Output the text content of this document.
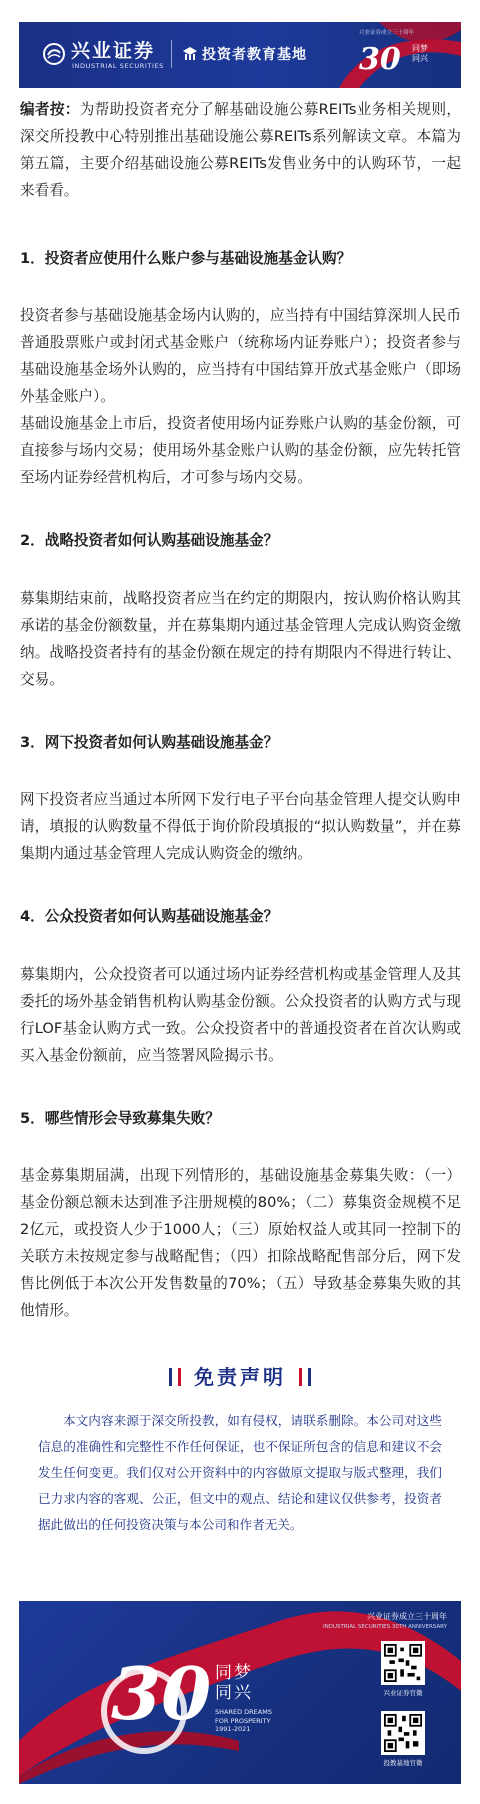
兴业证券
INDUSTRIAL SECURITIES
投资者教育基地
兴业证券成立三十周年
30 同梦
同兴
编者按：为帮助投资者充分了解基础设施公募REITs业务相关规则，深交所投教中心特别推出基础设施公募REITs系列解读文章。本篇为第五篇，主要介绍基础设施公募REITs发售业务中的认购环节，一起来看看。
1．投资者应使用什么账户参与基础设施基金认购？
投资者参与基础设施基金场内认购的，应当持有中国结算深圳人民币普通股票账户或封闭式基金账户（统称场内证券账户）；投资者参与基础设施基金场外认购的，应当持有中国结算开放式基金账户（即场外基金账户）。
基础设施基金上市后，投资者使用场内证券账户认购的基金份额，可直接参与场内交易；使用场外基金账户认购的基金份额，应先转托管至场内证券经营机构后，才可参与场内交易。
2．战略投资者如何认购基础设施基金？
募集期结束前，战略投资者应当在约定的期限内，按认购价格认购其承诺的基金份额数量，并在募集期内通过基金管理人完成认购资金缴纳。战略投资者持有的基金份额在规定的持有期限内不得进行转让、交易。
3．网下投资者如何认购基础设施基金？
网下投资者应当通过本所网下发行电子平台向基金管理人提交认购申请，填报的认购数量不得低于询价阶段填报的“拟认购数量”，并在募集期内通过基金管理人完成认购资金的缴纳。
4．公众投资者如何认购基础设施基金？
募集期内，公众投资者可以通过场内证券经营机构或基金管理人及其委托的场外基金销售机构认购基金份额。公众投资者的认购方式与现行LOF基金认购方式一致。公众投资者中的普通投资者在首次认购或买入基金份额前，应当签署风险揭示书。
5．哪些情形会导致募集失败？
基金募集期届满，出现下列情形的，基础设施基金募集失败：（一）基金份额总额未达到准予注册规模的80%；（二）募集资金规模不足2亿元，或投资人少于1000人；（三）原始权益人或其同一控制下的关联方未按规定参与战略配售；（四）扣除战略配售部分后，网下发售比例低于本次公开发售数量的70%；（五）导致基金募集失败的其他情形。
免责声明
本文内容来源于深交所投教，如有侵权，请联系删除。本公司对这些信息的准确性和完整性不作任何保证，也不保证所包含的信息和建议不会发生任何变更。我们仅对公开资料中的内容做原文提取与版式整理，我们已力求内容的客观、公正，但文中的观点、结论和建议仅供参考，投资者据此做出的任何投资决策与本公司和作者无关。
兴业证券成立三十周年
INDUSTRIAL SECURITIES 30TH ANNIVERSARY
30 同梦
同兴
SHARED DREAMS
FOR PROSPERITY
1991-2021
兴业证券官微
投教基地官微
